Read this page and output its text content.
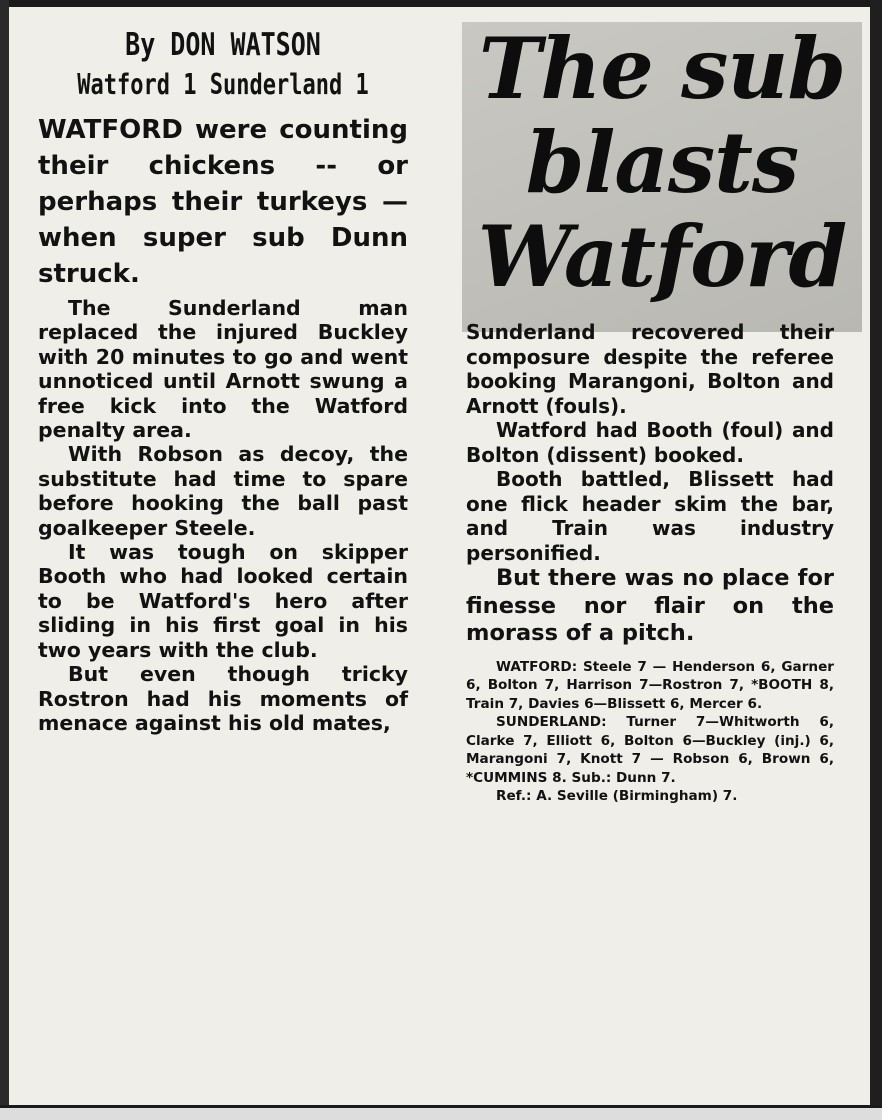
The sub
blasts
Watford
By DON WATSON
Watford 1 Sunderland 1

WATFORD were counting their chickens -- or perhaps their turkeys —when super sub Dunn struck.

The Sunderland man replaced the injured Buckley with 20 minutes to go and went unnoticed until Arnott swung a free kick into the Watford penalty area.

With Robson as decoy, the substitute had time to spare before hooking the ball past goalkeeper Steele.

It was tough on skipper Booth who had looked certain to be Watford's hero after sliding in his first goal in his two years with the club.

But even though tricky Rostron had his moments of menace against his old mates,

Sunderland recovered their composure despite the referee booking Marangoni, Bolton and Arnott (fouls).

Watford had Booth (foul) and Bolton (dissent) booked.

Booth battled, Blissett had one flick header skim the bar, and Train was industry personified.

But there was no place for finesse nor flair on the morass of a pitch.

WATFORD: Steele 7 — Henderson 6, Garner 6, Bolton 7, Harrison 7—Rostron 7, *BOOTH 8, Train 7, Davies 6—Blissett 6, Mercer 6.

SUNDERLAND: Turner 7—Whitworth 6, Clarke 7, Elliott 6, Bolton 6—Buckley (inj.) 6, Marangoni 7, Knott 7 — Robson 6, Brown 6, *CUMMINS 8. Sub.: Dunn 7.

Ref.: A. Seville (Birmingham) 7.
